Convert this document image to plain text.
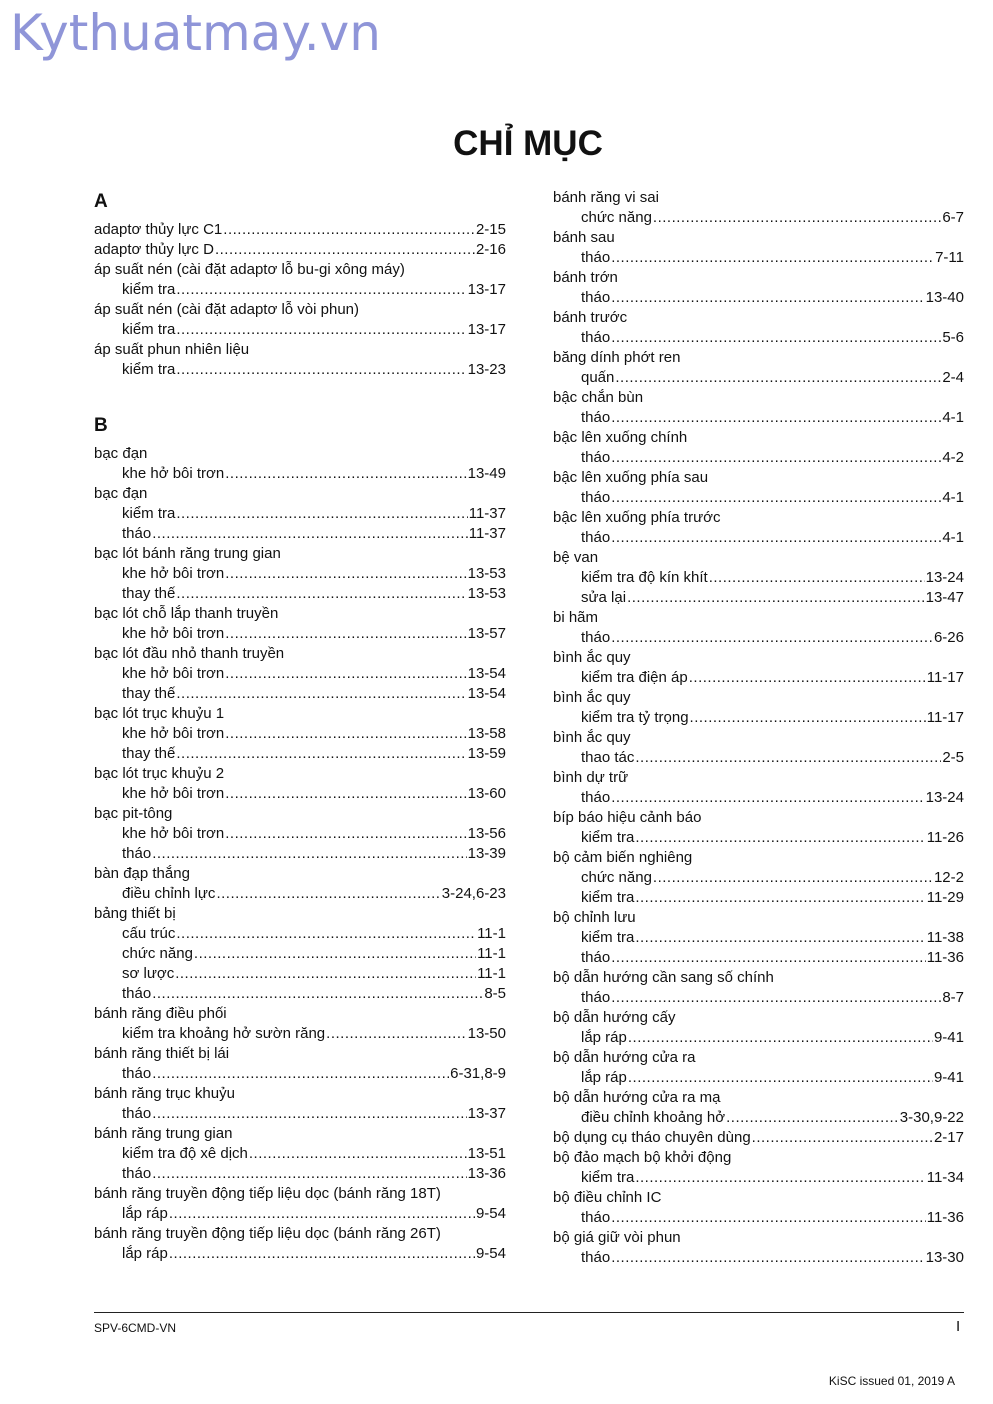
Kythuatmay.vn
CHỈ MỤC
A
adaptơ thủy lực C1 .....	2-15
adaptơ thủy lực D .....	2-16
áp suất nén (cài đặt adaptơ lỗ bu-gi xông máy)
kiểm tra .....	13-17
áp suất nén (cài đặt adaptơ lỗ vòi phun)
kiểm tra .....	13-17
áp suất phun nhiên liệu
kiểm tra .....	13-23
B
bạc đạn
khe hở bôi trơn .....	13-49
bạc đạn
kiểm tra .....	11-37
tháo .....	11-37
bạc lót bánh răng trung gian
khe hở bôi trơn .....	13-53
thay thế .....	13-53
bạc lót chỗ lắp thanh truyền
khe hở bôi trơn .....	13-57
bạc lót đầu nhỏ thanh truyền
khe hở bôi trơn .....	13-54
thay thế .....	13-54
bạc lót trục khuỷu 1
khe hở bôi trơn .....	13-58
thay thế .....	13-59
bạc lót trục khuỷu 2
khe hở bôi trơn .....	13-60
bạc pit-tông
khe hở bôi trơn .....	13-56
tháo .....	13-39
bàn đạp thắng
điều chỉnh lực .....	3-24,6-23
bảng thiết bị
cấu trúc .....	11-1
chức năng .....	11-1
sơ lược .....	11-1
tháo .....	8-5
bánh răng điều phối
kiểm tra khoảng hở sườn răng .....	13-50
bánh răng thiết bị lái
tháo .....	6-31,8-9
bánh răng trục khuỷu
tháo .....	13-37
bánh răng trung gian
kiểm tra độ xê dịch .....	13-51
tháo .....	13-36
bánh răng truyền động tiếp liệu dọc (bánh răng 18T)
lắp ráp .....	9-54
bánh răng truyền động tiếp liệu dọc (bánh răng 26T)
lắp ráp .....	9-54
bánh răng vi sai
chức năng .....	6-7
bánh sau
tháo .....	7-11
bánh trớn
tháo .....	13-40
bánh trước
tháo .....	5-6
băng dính phớt ren
quấn .....	2-4
bậc chắn bùn
tháo .....	4-1
bậc lên xuống chính
tháo .....	4-2
bậc lên xuống phía sau
tháo .....	4-1
bậc lên xuống phía trước
tháo .....	4-1
bệ van
kiểm tra độ kín khít .....	13-24
sửa lại .....	13-47
bi hãm
tháo .....	6-26
bình ắc quy
kiểm tra điện áp .....	11-17
bình ắc quy
kiểm tra tỷ trọng .....	11-17
bình ắc quy
thao tác .....	2-5
bình dự trữ
tháo .....	13-24
bíp báo hiệu cảnh báo
kiểm tra .....	11-26
bộ cảm biến nghiêng
chức năng .....	12-2
kiểm tra .....	11-29
bộ chỉnh lưu
kiểm tra .....	11-38
tháo .....	11-36
bộ dẫn hướng cần sang số chính
tháo .....	8-7
bộ dẫn hướng cấy
lắp ráp .....	9-41
bộ dẫn hướng cửa ra
lắp ráp .....	9-41
bộ dẫn hướng cửa ra mạ
điều chỉnh khoảng hở .....	3-30,9-22
bộ dụng cụ tháo chuyên dùng .....	2-17
bộ đảo mạch bộ khởi động
kiểm tra .....	11-34
bộ điều chỉnh IC
tháo .....	11-36
bộ giá giữ vòi phun
tháo .....	13-30
SPV-6CMD-VN	I
KiSC issued 01, 2019 A
